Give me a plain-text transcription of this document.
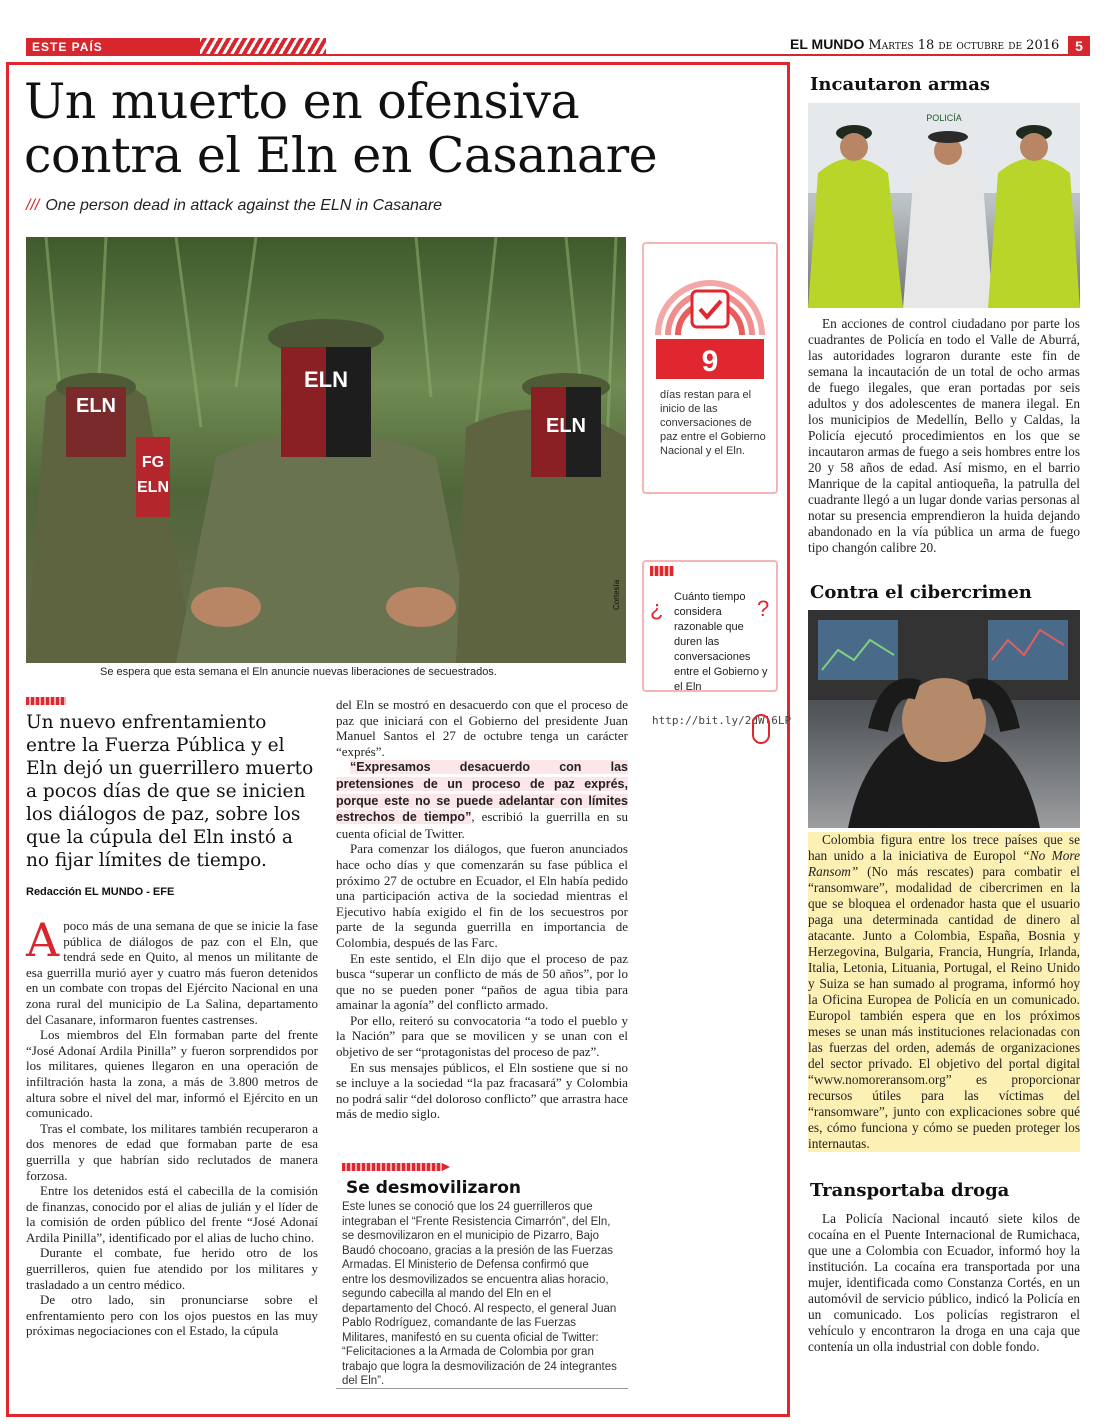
ESTE PAÍS	EL MUNDO Martes 18 de octubre de 2016	5
Un muerto en ofensiva
contra el Eln en Casanare
/// One person dead in attack against the ELN in Casanare
ELN
ELN
ELN
FG
ELN
Cortesía
Se espera que esta semana el Eln anuncie nuevas liberaciones de secuestrados.
9
días restan para el inicio de las conversaciones de paz entre el Gobierno Nacional y el Eln.
¿	?
Cuánto tiempo considera razonable que duren las conversaciones entre el Gobierno y el Eln
http://bit.ly/2dWl6LP
Un nuevo enfrentamiento entre la Fuerza Pública y el Eln dejó un guerrillero muerto a pocos días de que se inicien los diálogos de paz, sobre los que la cúpula del Eln instó a no fijar límites de tiempo.
Redacción EL MUNDO - EFE

Apoco más de una semana de que se inicie la fase pública de diálogos de paz con el Eln, que tendrá sede en Quito, al menos un militante de esa guerrilla murió ayer y cuatro más fueron detenidos en un combate con tropas del Ejército Nacional en una zona rural del municipio de La Salina, departamento del Casanare, informaron fuentes castrenses.

Los miembros del Eln formaban parte del frente “José Adonaí Ardila Pinilla” y fueron sorprendidos por los militares, quienes llegaron en una operación de infiltración hasta la zona, a más de 3.800 metros de altura sobre el nivel del mar, informó el Ejército en un comunicado.

Tras el combate, los militares también recuperaron a dos menores de edad que formaban parte de esa guerrilla y que habrían sido reclutados de manera forzosa.

Entre los detenidos está el cabecilla de la comisión de finanzas, conocido por el alias de julián y el líder de la comisión de orden público del frente “José Adonaí Ardila Pinilla”, identificado por el alias de lucho chino.

Durante el combate, fue herido otro de los guerrilleros, quien fue atendido por los militares y trasladado a un centro médico.

De otro lado, sin pronunciarse sobre el enfrentamiento pero con los ojos puestos en las muy próximas negociaciones con el Estado, la cúpula

del Eln se mostró en desacuerdo con que el proceso de paz que iniciará con el Gobierno del presidente Juan Manuel Santos el 27 de octubre tenga un carácter “exprés”.

“Expresamos desacuerdo con las pretensiones de un proceso de paz exprés, porque este no se puede adelantar con límites estrechos de tiempo”, escribió la guerrilla en su cuenta oficial de Twitter.

Para comenzar los diálogos, que fueron anunciados hace ocho días y que comenzarán su fase pública el próximo 27 de octubre en Ecuador, el Eln había pedido una participación activa de la sociedad mientras el Ejecutivo había exigido el fin de los secuestros por parte de la segunda guerrilla en importancia de Colombia, después de las Farc.

En este sentido, el Eln dijo que el proceso de paz busca “superar un conflicto de más de 50 años”, por lo que no se pueden poner “paños de agua tibia para amainar la agonía” del conflicto armado.

Por ello, reiteró su convocatoria “a todo el pueblo y la Nación” para que se movilicen y se unan con el objetivo de ser “protagonistas del proceso de paz”.

En sus mensajes públicos, el Eln sostiene que si no se incluye a la sociedad “la paz fracasará” y Colombia no podrá salir “del doloroso conflicto” que arrastra hace más de medio siglo.

Se desmovilizaron
Este lunes se conoció que los 24 guerrilleros que integraban el “Frente Resistencia Cimarrón”, del Eln, se desmovilizaron en el municipio de Pizarro, Bajo Baudó chocoano, gracias a la presión de las Fuerzas Armadas. El Ministerio de Defensa confirmó que entre los desmovilizados se encuentra alias horacio, segundo cabecilla al mando del Eln en el departamento del Chocó. Al respecto, el general Juan Pablo Rodríguez, comandante de las Fuerzas Militares, manifestó en su cuenta oficial de Twitter: “Felicitaciones a la Armada de Colombia por gran trabajo que logra la desmovilización de 24 integrantes del Eln”.
Incautaron armas
POLICÍA

En acciones de control ciudadano por parte los cuadrantes de Policía en todo el Valle de Aburrá, las autoridades lograron durante este fin de semana la incautación de un total de ocho armas de fuego ilegales, que eran portadas por seis adultos y dos adolescentes de manera ilegal. En los municipios de Medellín, Bello y Caldas, la Policía ejecutó procedimientos en los que se incautaron armas de fuego a seis hombres entre los 20 y 58 años de edad. Así mismo, en el barrio Manrique de la capital antioqueña, la patrulla del cuadrante llegó a un lugar donde varias personas al notar su presencia emprendieron la huida dejando abandonado en la vía pública un arma de fuego tipo changón calibre 20.

Contra el cibercrimen

Colombia figura entre los trece países que se han unido a la iniciativa de Europol “No More Ransom” (No más rescates) para combatir el “ransomware”, modalidad de cibercrimen en la que se bloquea el ordenador hasta que el usuario paga una determinada cantidad de dinero al atacante. Junto a Colombia, España, Bosnia y Herzegovina, Bulgaria, Francia, Hungría, Irlanda, Italia, Letonia, Lituania, Portugal, el Reino Unido y Suiza se han sumado al programa, informó hoy la Oficina Europea de Policía en un comunicado. Europol también espera que en los próximos meses se unan más instituciones relacionadas con las fuerzas del orden, además de organizaciones del sector privado. El objetivo del portal digital “www.nomoreransom.org” es proporcionar recursos útiles para las víctimas del “ransomware”, junto con explicaciones sobre qué es, cómo funciona y cómo se pueden proteger los internautas.

Transportaba droga

La Policía Nacional incautó siete kilos de cocaína en el Puente Internacional de Rumichaca, que une a Colombia con Ecuador, informó hoy la institución. La cocaína era transportada por una mujer, identificada como Constanza Cortés, en un automóvil de servicio público, indicó la Policía en un comunicado. Los policías registraron el vehículo y encontraron la droga en una caja que contenía un olla industrial con doble fondo.
